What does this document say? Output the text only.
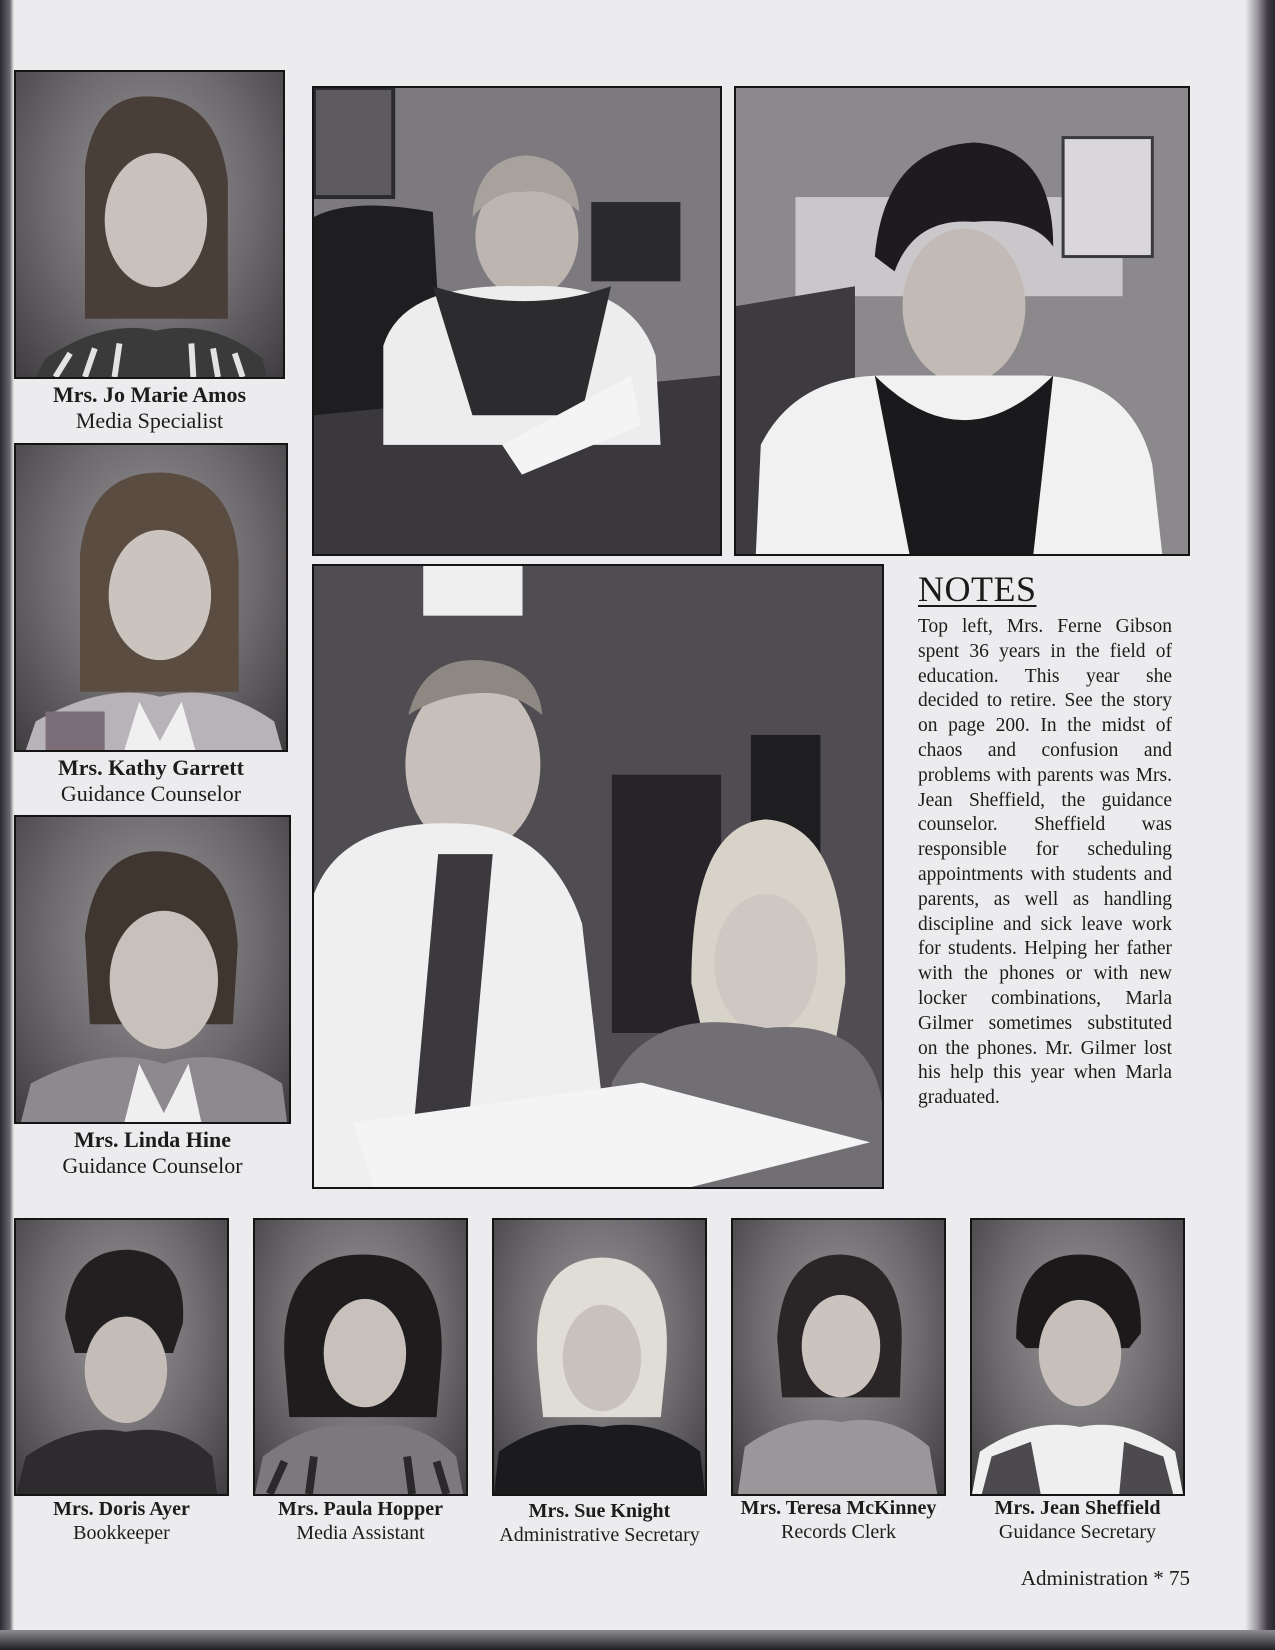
Mrs. Jo Marie Amos
Media Specialist
Mrs. Kathy Garrett
Guidance Counselor
Mrs. Linda Hine
Guidance Counselor
NOTES

Top left, Mrs. Ferne Gibson spent 36 years in the field of education. This year she decided to retire. See the story on page 200. In the midst of chaos and confusion and problems with parents was Mrs. Jean Sheffield, the guidance counselor. Sheffield was responsible for scheduling appointments with students and parents, as well as handling discipline and sick leave work for students. Helping her father with the phones or with new locker combinations, Marla Gilmer sometimes substituted on the phones. Mr. Gilmer lost his help this year when Marla graduated.

Mrs. Doris Ayer
Bookkeeper
Mrs. Paula Hopper
Media Assistant
Mrs. Sue Knight
Administrative Secretary
Mrs. Teresa McKinney
Records Clerk
Mrs. Jean Sheffield
Guidance Secretary
Administration * 75
